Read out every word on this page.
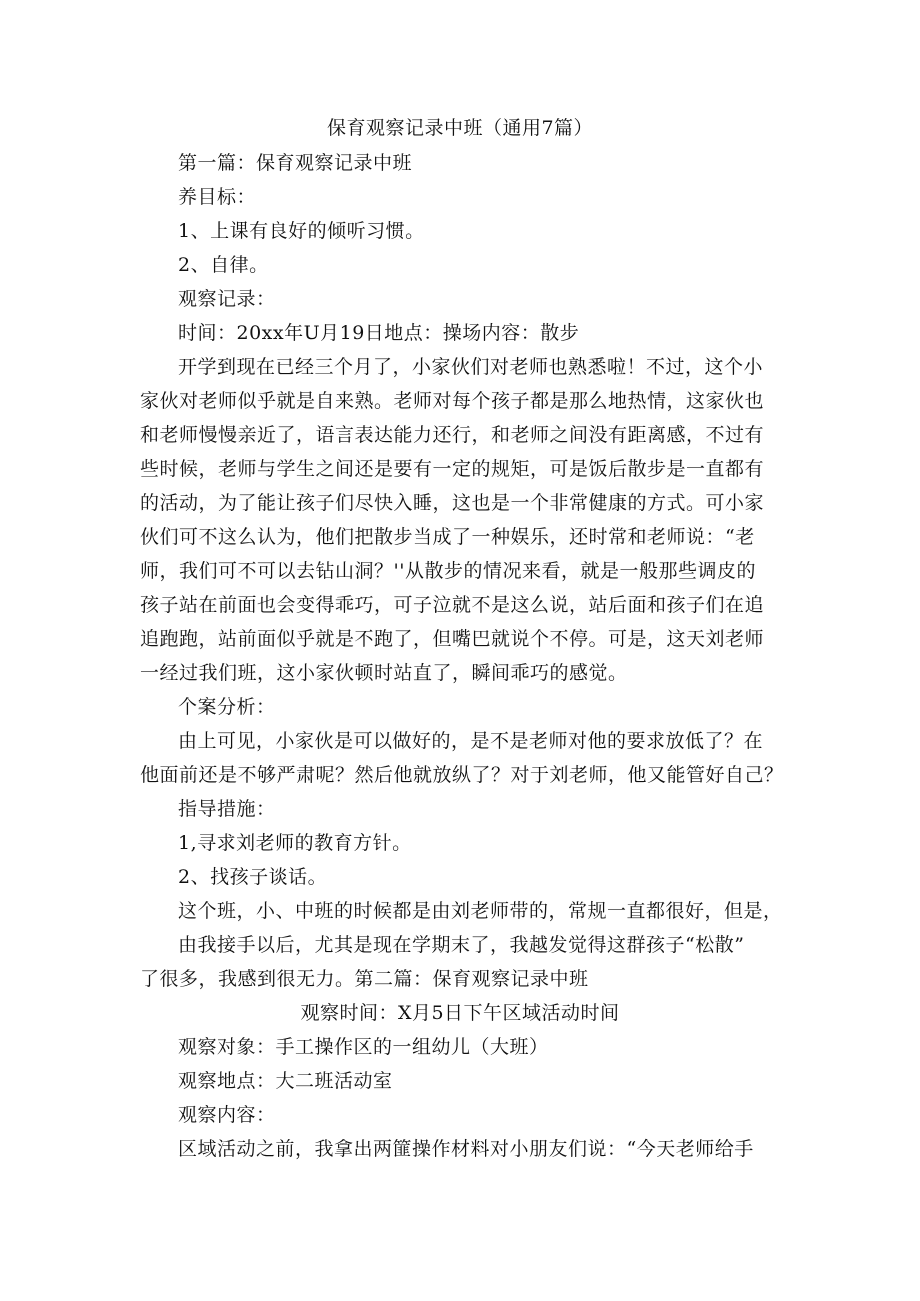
保育观察记录中班（通用7篇）
第一篇：保育观察记录中班
养目标：
1、上课有良好的倾听习惯。
2、自律。
观察记录：
时间：20xx年U月19日地点：操场内容：散步
开学到现在已经三个月了，小家伙们对老师也熟悉啦！不过，这个小
家伙对老师似乎就是自来熟。老师对每个孩子都是那么地热情，这家伙也
和老师慢慢亲近了，语言表达能力还行，和老师之间没有距离感，不过有
些时候，老师与学生之间还是要有一定的规矩，可是饭后散步是一直都有
的活动，为了能让孩子们尽快入睡，这也是一个非常健康的方式。可小家
伙们可不这么认为，他们把散步当成了一种娱乐，还时常和老师说：“老
师，我们可不可以去钻山洞？''从散步的情况来看，就是一般那些调皮的
孩子站在前面也会变得乖巧，可子泣就不是这么说，站后面和孩子们在追
追跑跑，站前面似乎就是不跑了，但嘴巴就说个不停。可是，这天刘老师
一经过我们班，这小家伙顿时站直了，瞬间乖巧的感觉。
个案分析：
由上可见，小家伙是可以做好的，是不是老师对他的要求放低了？在
他面前还是不够严肃呢？然后他就放纵了？对于刘老师，他又能管好自己？
指导措施：
1,寻求刘老师的教育方针。
2、找孩子谈话。
这个班，小、中班的时候都是由刘老师带的，常规一直都很好，但是，
由我接手以后，尤其是现在学期末了，我越发觉得这群孩子“松散”
了很多，我感到很无力。第二篇：保育观察记录中班
观察时间：X月5日下午区域活动时间
观察对象：手工操作区的一组幼儿（大班）
观察地点：大二班活动室
观察内容：
区域活动之前，我拿出两篚操作材料对小朋友们说：“今天老师给手
